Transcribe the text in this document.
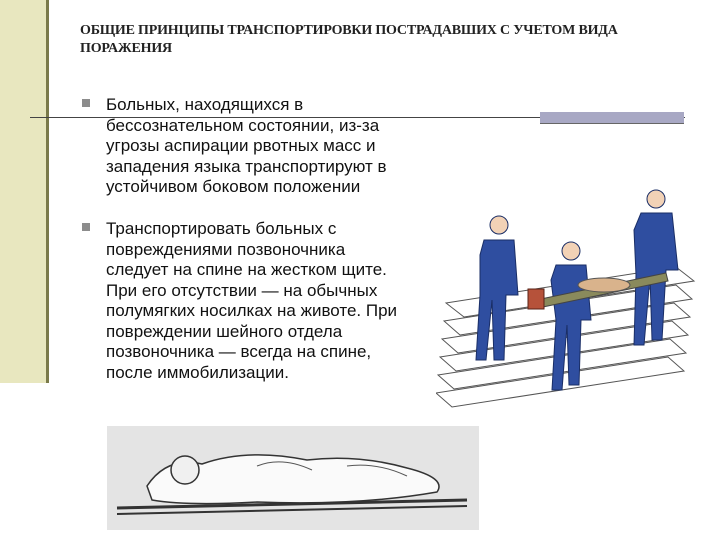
ОБЩИЕ ПРИНЦИПЫ ТРАНСПОРТИРОВКИ ПОСТРАДАВШИХ С УЧЕТОМ ВИДА ПОРАЖЕНИЯ
Больных, находящихся в
бессознательном состоянии, из-за
угрозы аспирации рвотных масс и
западения языка транспортируют в
устойчивом боковом положении
Транспортировать больных с
повреждениями позвоночника
следует на спине на жестком щите.
При его отсутствии — на обычных
полумягких носилках на животе. При
повреждении шейного отдела
позвоночника — всегда на спине,
после иммобилизации.
